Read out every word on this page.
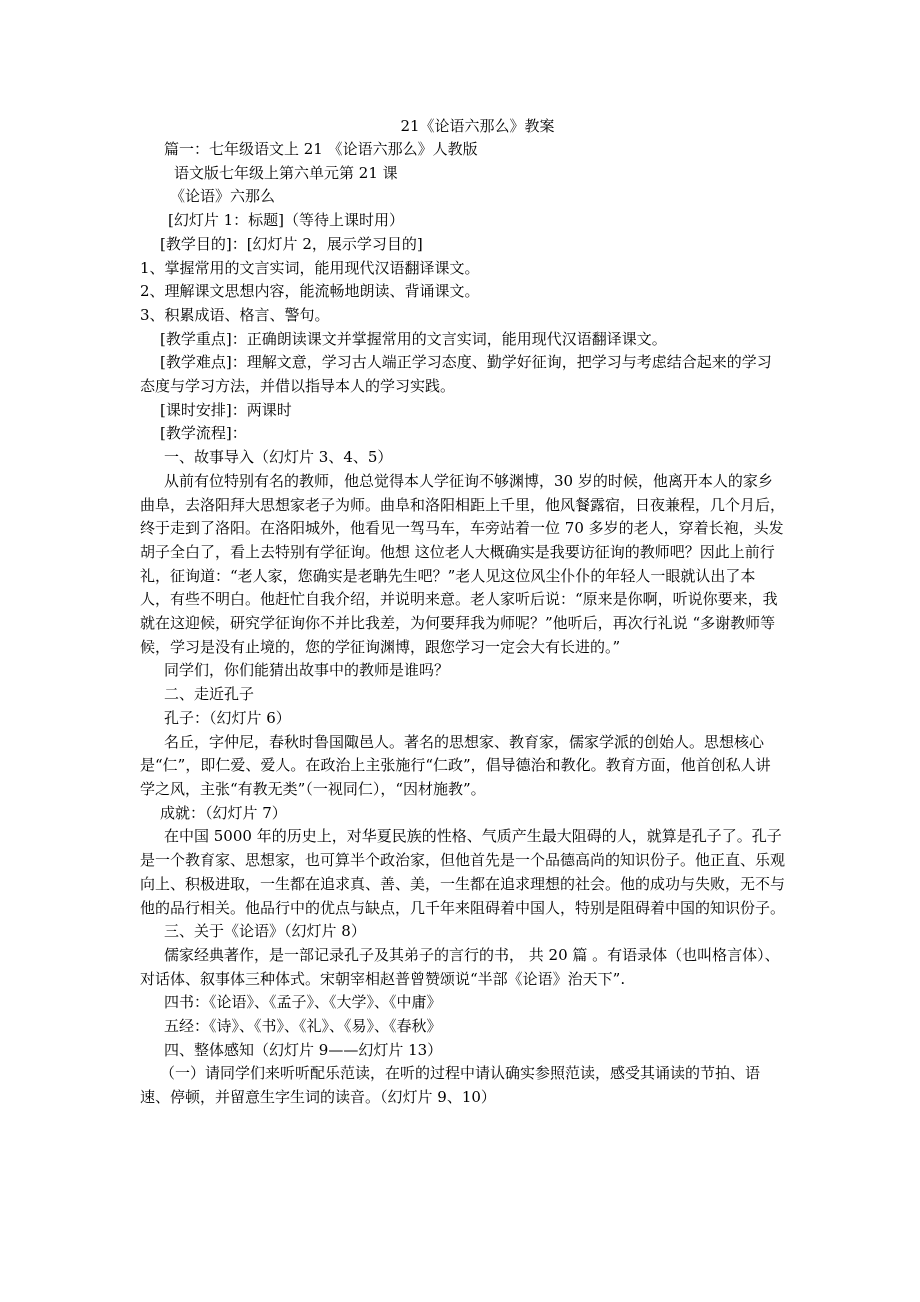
21《论语六那么》教案

篇一：七年级语文上 21 《论语六那么》人教版

语文版七年级上第六单元第 21 课

《论语》六那么

[幻灯片 1：标题]（等待上课时用）

[教学目的]：[幻灯片 2，展示学习目的]

1、掌握常用的文言实词，能用现代汉语翻译课文。

2、理解课文思想内容，能流畅地朗读、背诵课文。

3、积累成语、格言、警句。

[教学重点]：正确朗读课文并掌握常用的文言实词，能用现代汉语翻译课文。

[教学难点]：理解文意，学习古人端正学习态度、勤学好征询，把学习与考虑结合起来的学习态度与学习方法，并借以指导本人的学习实践。

[课时安排]：两课时

[教学流程]：

一、故事导入（幻灯片 3、4、5）

从前有位特别有名的教师，他总觉得本人学征询不够渊博，30 岁的时候，他离开本人的家乡曲阜，去洛阳拜大思想家老子为师。曲阜和洛阳相距上千里，他风餐露宿，日夜兼程，几个月后，终于走到了洛阳。在洛阳城外，他看见一驾马车，车旁站着一位 70 多岁的老人，穿着长袍，头发胡子全白了，看上去特别有学征询。他想 这位老人大概确实是我要访征询的教师吧？因此上前行礼，征询道：“老人家，您确实是老聃先生吧？”老人见这位风尘仆仆的年轻人一眼就认出了本人，有些不明白。他赶忙自我介绍，并说明来意。老人家听后说：“原来是你啊，听说你要来，我就在这迎候，研究学征询你不并比我差，为何要拜我为师呢？”他听后，再次行礼说 “多谢教师等候，学习是没有止境的，您的学征询渊博，跟您学习一定会大有长进的。”

同学们，你们能猜出故事中的教师是谁吗？

二、走近孔子

孔子：（幻灯片 6）

名丘，字仲尼，春秋时鲁国陬邑人。著名的思想家、教育家，儒家学派的创始人。思想核心是“仁”，即仁爱、爱人。在政治上主张施行“仁政”，倡导德治和教化。教育方面，他首创私人讲学之风，主张“有教无类”（一视同仁），“因材施教”。

成就：（幻灯片 7）

在中国 5000 年的历史上，对华夏民族的性格、气质产生最大阻碍的人，就算是孔子了。孔子是一个教育家、思想家，也可算半个政治家，但他首先是一个品德高尚的知识份子。他正直、乐观向上、积极进取，一生都在追求真、善、美，一生都在追求理想的社会。他的成功与失败，无不与他的品行相关。他品行中的优点与缺点，几千年来阻碍着中国人，特别是阻碍着中国的知识份子。

三、关于《论语》（幻灯片 8）

儒家经典著作，是一部记录孔子及其弟子的言行的书， 共 20 篇 。有语录体（也叫格言体）、对话体、叙事体三种体式。宋朝宰相赵普曾赞颂说“半部《论语》治天下”.

四书：《论语》、《孟子》、《大学》、《中庸》

五经：《诗》、《书》、《礼》、《易》、《春秋》

四、整体感知（幻灯片 9——幻灯片 13）

（一）请同学们来听听配乐范读，在听的过程中请认确实参照范读，感受其诵读的节拍、语速、停顿，并留意生字生词的读音。（幻灯片 9、10）
